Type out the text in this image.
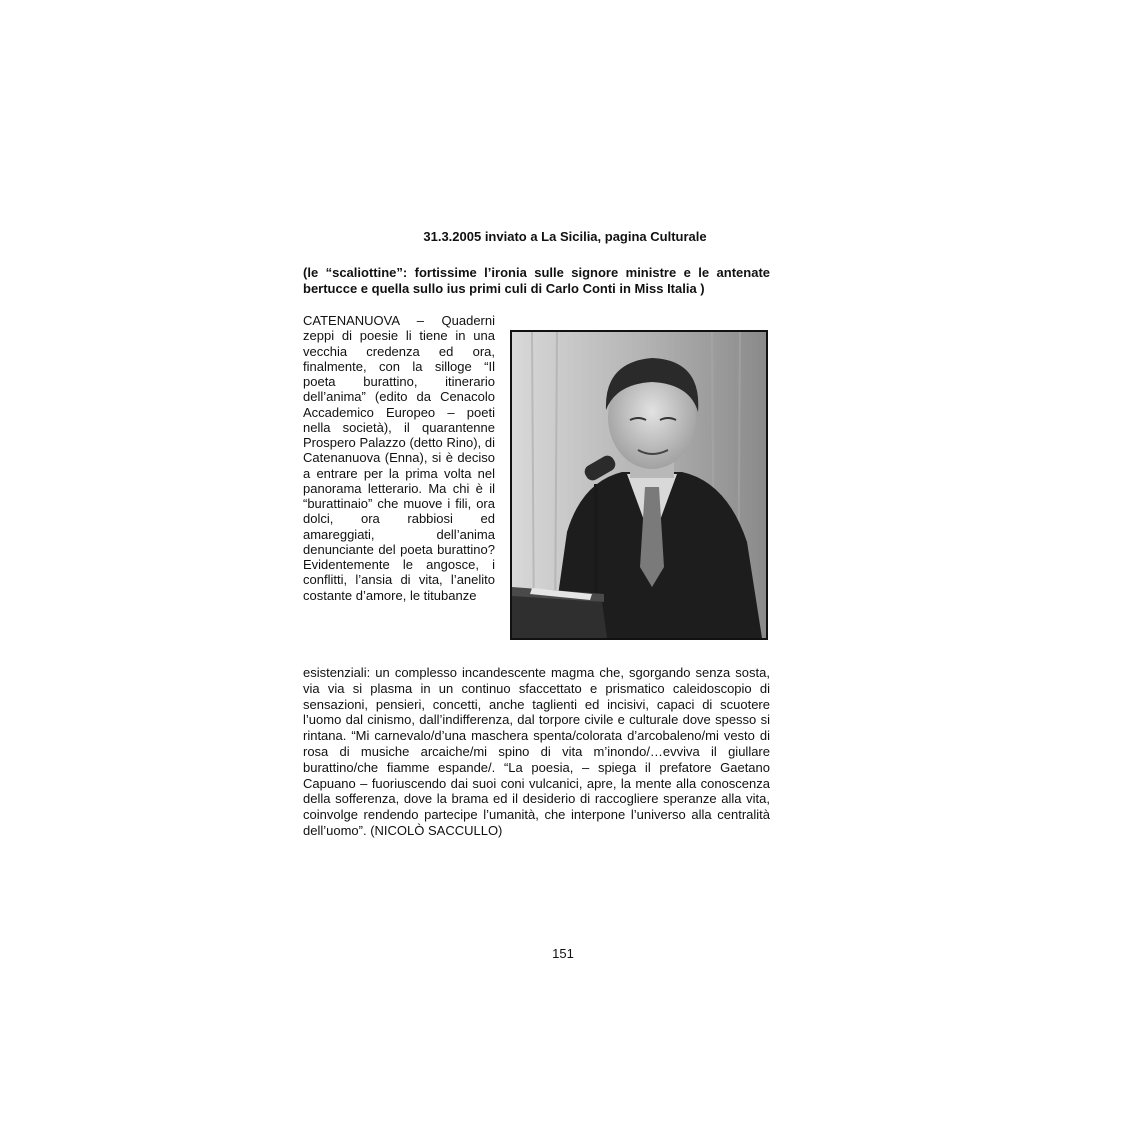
31.3.2005 inviato a La Sicilia, pagina Culturale
(le “scaliottine”: fortissime l’ironia sulle signore ministre e le antenate bertucce e quella sullo ius primi culi di Carlo Conti in Miss Italia )
CATENANUOVA – Quaderni zeppi di poesie li tiene in una vecchia credenza ed ora, finalmente, con la silloge “Il poeta burattino, itinerario dell’anima” (edito da Cenacolo Accademico Europeo – poeti nella società), il quarantenne Prospero Palazzo (detto Rino), di Catenanuova (Enna), si è deciso a entrare per la prima volta nel panorama letterario. Ma chi è il “burattinaio” che muove i fili, ora dolci, ora rabbiosi ed amareggiati, dell’anima denunciante del poeta burattino? Evidentemente le angosce, i conflitti, l’ansia di vita, l’anelito costante d’amore, le titubanze
esistenziali: un complesso incandescente magma che, sgorgando senza sosta, via via si plasma in un continuo sfaccettato e prismatico caleidoscopio di sensazioni, pensieri, concetti, anche taglienti ed incisivi, capaci di scuotere l’uomo dal cinismo, dall’indifferenza, dal torpore civile e culturale dove spesso si rintana. “Mi carnevalo/d’una maschera spenta/colorata d’arcobaleno/mi vesto di rosa di musiche arcaiche/mi spino di vita m’inondo/…evviva il giullare burattino/che fiamme espande/. “La poesia, – spiega il prefatore Gaetano Capuano – fuoriuscendo dai suoi coni vulcanici, apre, la mente alla conoscenza della sofferenza, dove la brama ed il desiderio di raccogliere speranze alla vita, coinvolge rendendo partecipe l’umanità, che interpone l’universo alla centralità dell’uomo”. (NICOLÒ SACCULLO)
151
